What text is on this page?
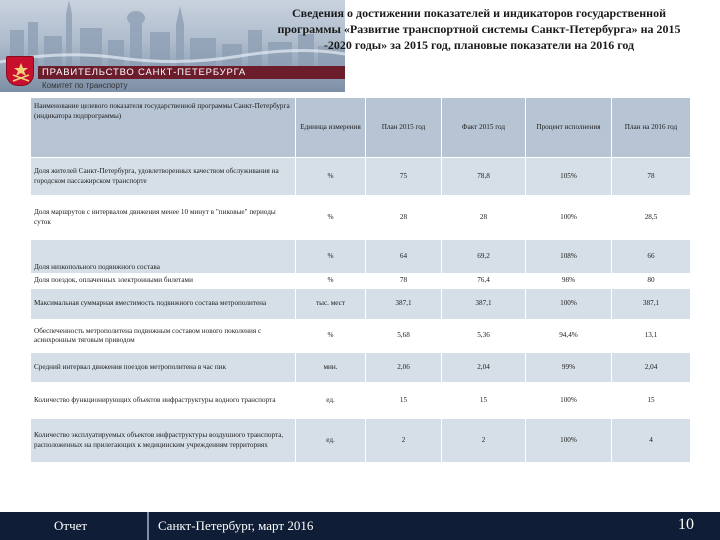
ПРАВИТЕЛЬСТВО САНКТ-ПЕТЕРБУРГА
Комитет по транспорту
Сведения о достижении показателей и индикаторов государственной
программы «Развитие транспортной системы Санкт-Петербурга» на 2015
-2020 годы» за 2015 год, плановые показатели на 2016 год
Наименование целевого показателя государственной программы Санкт-Петербурга (индикатора подпрограммы)	Единица измерения	План 2015 год	Факт 2015 год	Процент исполнения	План на 2016 год
Доля жителей Санкт-Петербурга, удовлетворенных качеством обслуживания на городском пассажирском транспорте	%	75	78,8	105%	78
Доля маршрутов с интервалом движения менее 10 минут в "пиковые" периоды суток	%	28	28	100%	28,5
Доля низкопольного подвижного состава	%	64	69,2	108%	66
Доля поездок, оплаченных электронными билетами	%	78	76,4	98%	80
Максимальная суммарная вместимость подвижного состава метрополитена	тыс. мест	387,1	387,1	100%	387,1
Обеспеченность метрополитена подвижным составом нового поколения с асинхронным тяговым приводом	%	5,68	5,36	94,4%	13,1
Средний интервал движения поездов метрополитена в час пик	мин.	2,06	2,04	99%	2,04
Количество функционирующих объектов инфраструктуры водного транспорта	ед.	15	15	100%	15
Количество эксплуатируемых объектов инфраструктуры воздушного транспорта, расположенных на прилегающих к медицинским учреждениям территориях	ед.	2	2	100%	4
Отчет	Санкт-Петербург, март 2016	10
